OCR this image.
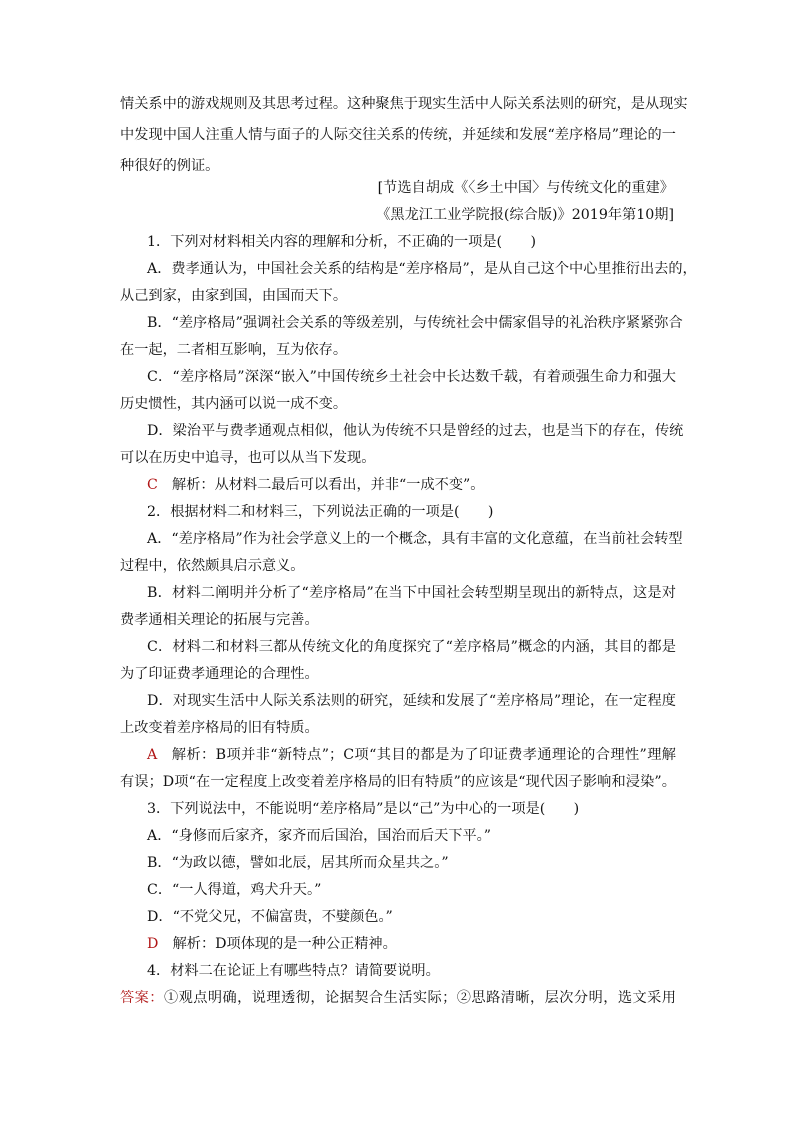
情关系中的游戏规则及其思考过程。这种聚焦于现实生活中人际关系法则的研究，是从现实
中发现中国人注重人情与面子的人际交往关系的传统，并延续和发展“差序格局”理论的一
种很好的例证。
[节选自胡成《〈乡土中国〉与传统文化的重建》
《黑龙江工业学院报(综合版)》2019年第10期]
1．下列对材料相关内容的理解和分析，不正确的一项是(　　)
A．费孝通认为，中国社会关系的结构是“差序格局”，是从自己这个中心里推衍出去的，
从己到家，由家到国，由国而天下。
B．“差序格局”强调社会关系的等级差别，与传统社会中儒家倡导的礼治秩序紧紧弥合
在一起，二者相互影响，互为依存。
C．“差序格局”深深“嵌入”中国传统乡土社会中长达数千载，有着顽强生命力和强大
历史惯性，其内涵可以说一成不变。
D．梁治平与费孝通观点相似，他认为传统不只是曾经的过去，也是当下的存在，传统
可以在历史中追寻，也可以从当下发现。
C  解析：从材料二最后可以看出，并非“一成不变”。
2．根据材料二和材料三，下列说法正确的一项是(　　)
A．“差序格局”作为社会学意义上的一个概念，具有丰富的文化意蕴，在当前社会转型
过程中，依然颇具启示意义。
B．材料二阐明并分析了“差序格局”在当下中国社会转型期呈现出的新特点，这是对
费孝通相关理论的拓展与完善。
C．材料二和材料三都从传统文化的角度探究了“差序格局”概念的内涵，其目的都是
为了印证费孝通理论的合理性。
D．对现实生活中人际关系法则的研究，延续和发展了“差序格局”理论，在一定程度
上改变着差序格局的旧有特质。
A  解析：B项并非“新特点”；C项“其目的都是为了印证费孝通理论的合理性”理解
有误；D项“在一定程度上改变着差序格局的旧有特质”的应该是“现代因子影响和浸染”。
3．下列说法中，不能说明“差序格局”是以“己”为中心的一项是(　　)
A．“身修而后家齐，家齐而后国治，国治而后天下平。”
B．“为政以德，譬如北辰，居其所而众星共之。”
C．“一人得道，鸡犬升天。”
D．“不党父兄，不偏富贵，不嬖颜色。”
D  解析：D项体现的是一种公正精神。
4．材料二在论证上有哪些特点？请简要说明。
答案：①观点明确，说理透彻，论据契合生活实际；②思路清晰，层次分明，选文采用
